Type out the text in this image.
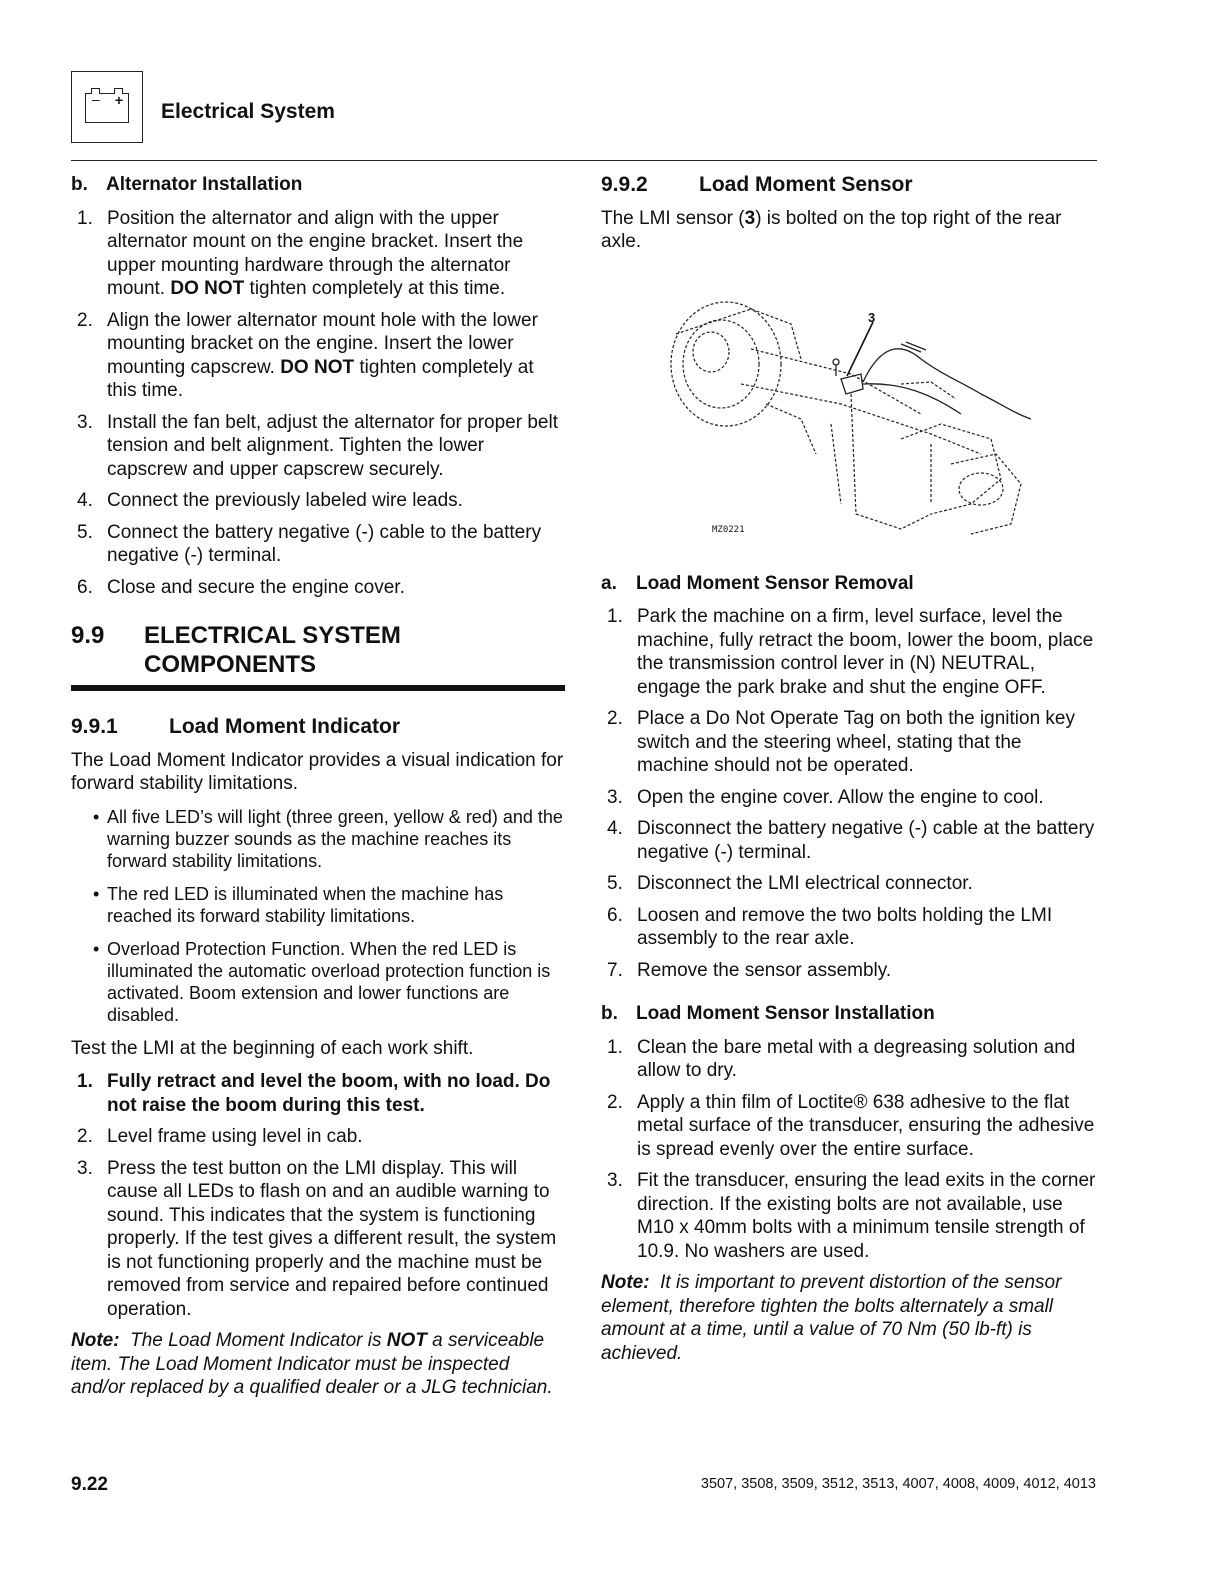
– + Electrical System
b. Alternator Installation
1. Position the alternator and align with the upper alternator mount on the engine bracket. Insert the upper mounting hardware through the alternator mount. DO NOT tighten completely at this time.
2. Align the lower alternator mount hole with the lower mounting bracket on the engine. Insert the lower mounting capscrew. DO NOT tighten completely at this time.
3. Install the fan belt, adjust the alternator for proper belt tension and belt alignment. Tighten the lower capscrew and upper capscrew securely.
4. Connect the previously labeled wire leads.
5. Connect the battery negative (-) cable to the battery negative (-) terminal.
6. Close and secure the engine cover.
9.9	ELECTRICAL SYSTEM
COMPONENTS
9.9.1	Load Moment Indicator

The Load Moment Indicator provides a visual indication for forward stability limitations.

• All five LED’s will light (three green, yellow & red) and the warning buzzer sounds as the machine reaches its forward stability limitations.
• The red LED is illuminated when the machine has reached its forward stability limitations.
• Overload Protection Function. When the red LED is illuminated the automatic overload protection function is activated. Boom extension and lower functions are disabled.

Test the LMI at the beginning of each work shift.

1. Fully retract and level the boom, with no load. Do not raise the boom during this test.
2. Level frame using level in cab.
3. Press the test button on the LMI display. This will cause all LEDs to flash on and an audible warning to sound. This indicates that the system is functioning properly. If the test gives a different result, the system is not functioning properly and the machine must be removed from service and repaired before continued operation.

Note: The Load Moment Indicator is NOT a serviceable item. The Load Moment Indicator must be inspected and/or replaced by a qualified dealer or a JLG technician.

9.9.2	Load Moment Sensor

The LMI sensor (3) is bolted on the top right of the rear axle.

3
MZ0221
a. Load Moment Sensor Removal
1. Park the machine on a firm, level surface, level the machine, fully retract the boom, lower the boom, place the transmission control lever in (N) NEUTRAL, engage the park brake and shut the engine OFF.
2. Place a Do Not Operate Tag on both the ignition key switch and the steering wheel, stating that the machine should not be operated.
3. Open the engine cover. Allow the engine to cool.
4. Disconnect the battery negative (-) cable at the battery negative (-) terminal.
5. Disconnect the LMI electrical connector.
6. Loosen and remove the two bolts holding the LMI assembly to the rear axle.
7. Remove the sensor assembly.
b. Load Moment Sensor Installation
1. Clean the bare metal with a degreasing solution and allow to dry.
2. Apply a thin film of Loctite® 638 adhesive to the flat metal surface of the transducer, ensuring the adhesive is spread evenly over the entire surface.
3. Fit the transducer, ensuring the lead exits in the corner direction. If the existing bolts are not available, use M10 x 40mm bolts with a minimum tensile strength of 10.9. No washers are used.

Note: It is important to prevent distortion of the sensor element, therefore tighten the bolts alternately a small amount at a time, until a value of 70 Nm (50 lb-ft) is achieved.

9.22	3507, 3508, 3509, 3512, 3513, 4007, 4008, 4009, 4012, 4013
